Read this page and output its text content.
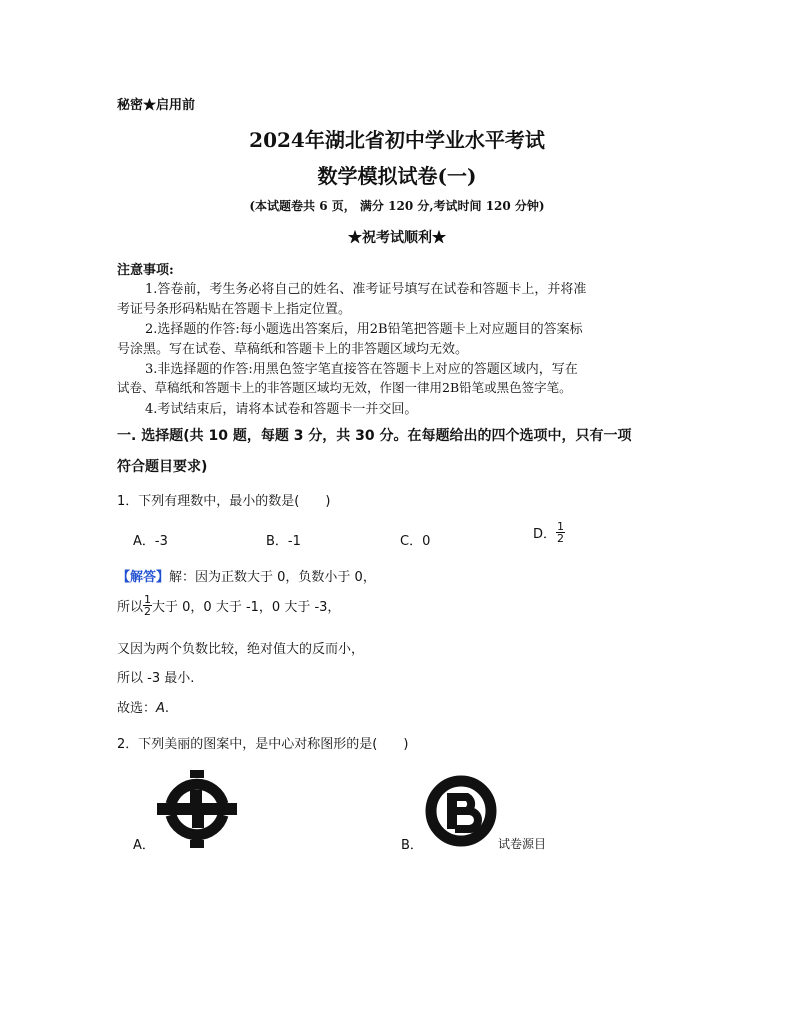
秘密★启用前
2024年湖北省初中学业水平考试
数学模拟试卷(一)
(本试题卷共 6 页， 满分 120 分,考试时间 120 分钟)
★祝考试顺利★
注意事项:
1.答卷前，考生务必将自己的姓名、准考证号填写在试卷和答题卡上，并将准
考证号条形码粘贴在答题卡上指定位置。
2.选择题的作答:每小题选出答案后，用2B铅笔把答题卡上对应题目的答案标
号涂黑。写在试卷、草稿纸和答题卡上的非答题区域均无效。
3.非选择题的作答:用黑色签字笔直接答在答题卡上对应的答题区域内，写在
试卷、草稿纸和答题卡上的非答题区域均无效，作图一律用2B铅笔或黑色签字笔。
4.考试结束后，请将本试卷和答题卡一并交回。
一. 选择题(共 10 题，每题 3 分，共 30 分。在每题给出的四个选项中，只有一项
符合题目要求)
1．下列有理数中，最小的数是(　　)
A．-3	B．-1	C．0	D． $\frac{1}{2}$
【解答】解：因为正数大于 0，负数小于 0，
所以 $\frac{1}{2}$ 大于 0，0 大于 -1，0 大于 -3，
又因为两个负数比较，绝对值大的反而小，
所以 -3 最小.
故选：A.
2．下列美丽的图案中，是中心对称图形的是(　　)
A．	B．	试卷源目
